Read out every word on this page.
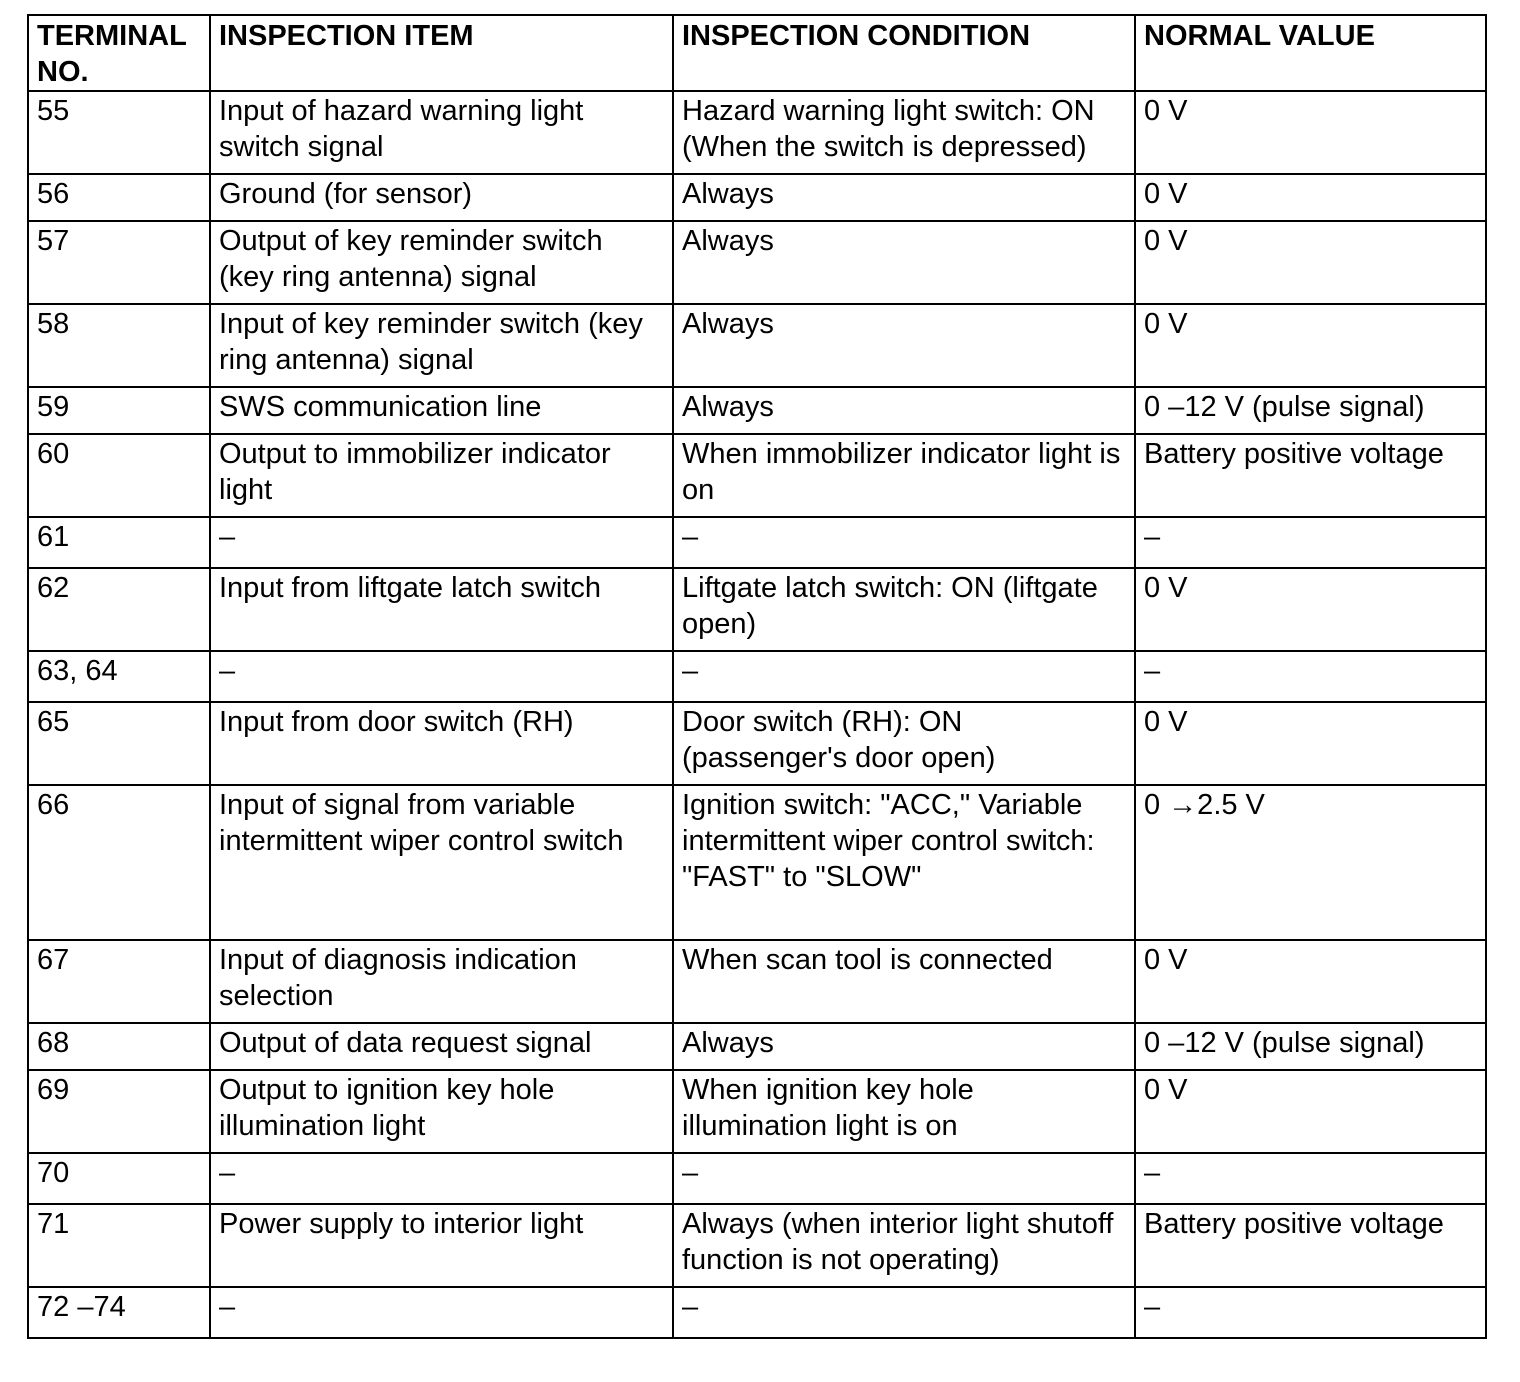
TERMINAL NO.	INSPECTION ITEM	INSPECTION CONDITION	NORMAL VALUE
55	Input of hazard warning light switch signal	Hazard warning light switch: ON (When the switch is depressed)	0 V
56	Ground (for sensor)	Always	0 V
57	Output of key reminder switch (key ring antenna) signal	Always	0 V
58	Input of key reminder switch (key ring antenna) signal	Always	0 V
59	SWS communication line	Always	0 –12 V (pulse signal)
60	Output to immobilizer indicator light	When immobilizer indicator light is on	Battery positive voltage
61	–	–	–
62	Input from liftgate latch switch	Liftgate latch switch: ON (liftgate open)	0 V
63, 64	–	–	–
65	Input from door switch (RH)	Door switch (RH): ON (passenger's door open)	0 V
66	Input of signal from variable intermittent wiper control switch	Ignition switch: "ACC," Variable intermittent wiper control switch: "FAST" to "SLOW"	0 →2.5 V
67	Input of diagnosis indication selection	When scan tool is connected	0 V
68	Output of data request signal	Always	0 –12 V (pulse signal)
69	Output to ignition key hole illumination light	When ignition key hole illumination light is on	0 V
70	–	–	–
71	Power supply to interior light	Always (when interior light shutoff function is not operating)	Battery positive voltage
72 –74	–	–	–
